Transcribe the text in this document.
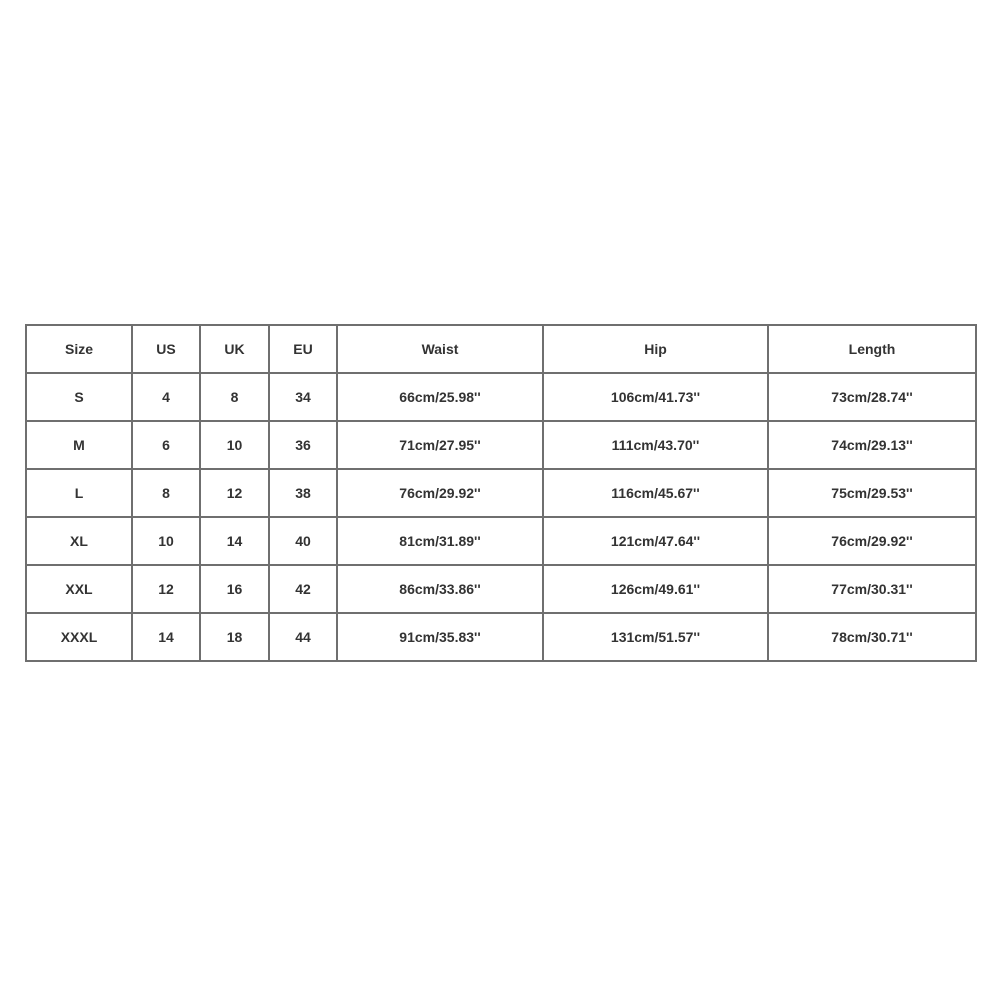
Size	US	UK	EU	Waist	Hip	Length
S	4	8	34	66cm/25.98''	106cm/41.73''	73cm/28.74''
M	6	10	36	71cm/27.95''	111cm/43.70''	74cm/29.13''
L	8	12	38	76cm/29.92''	116cm/45.67''	75cm/29.53''
XL	10	14	40	81cm/31.89''	121cm/47.64''	76cm/29.92''
XXL	12	16	42	86cm/33.86''	126cm/49.61''	77cm/30.31''
XXXL	14	18	44	91cm/35.83''	131cm/51.57''	78cm/30.71''
